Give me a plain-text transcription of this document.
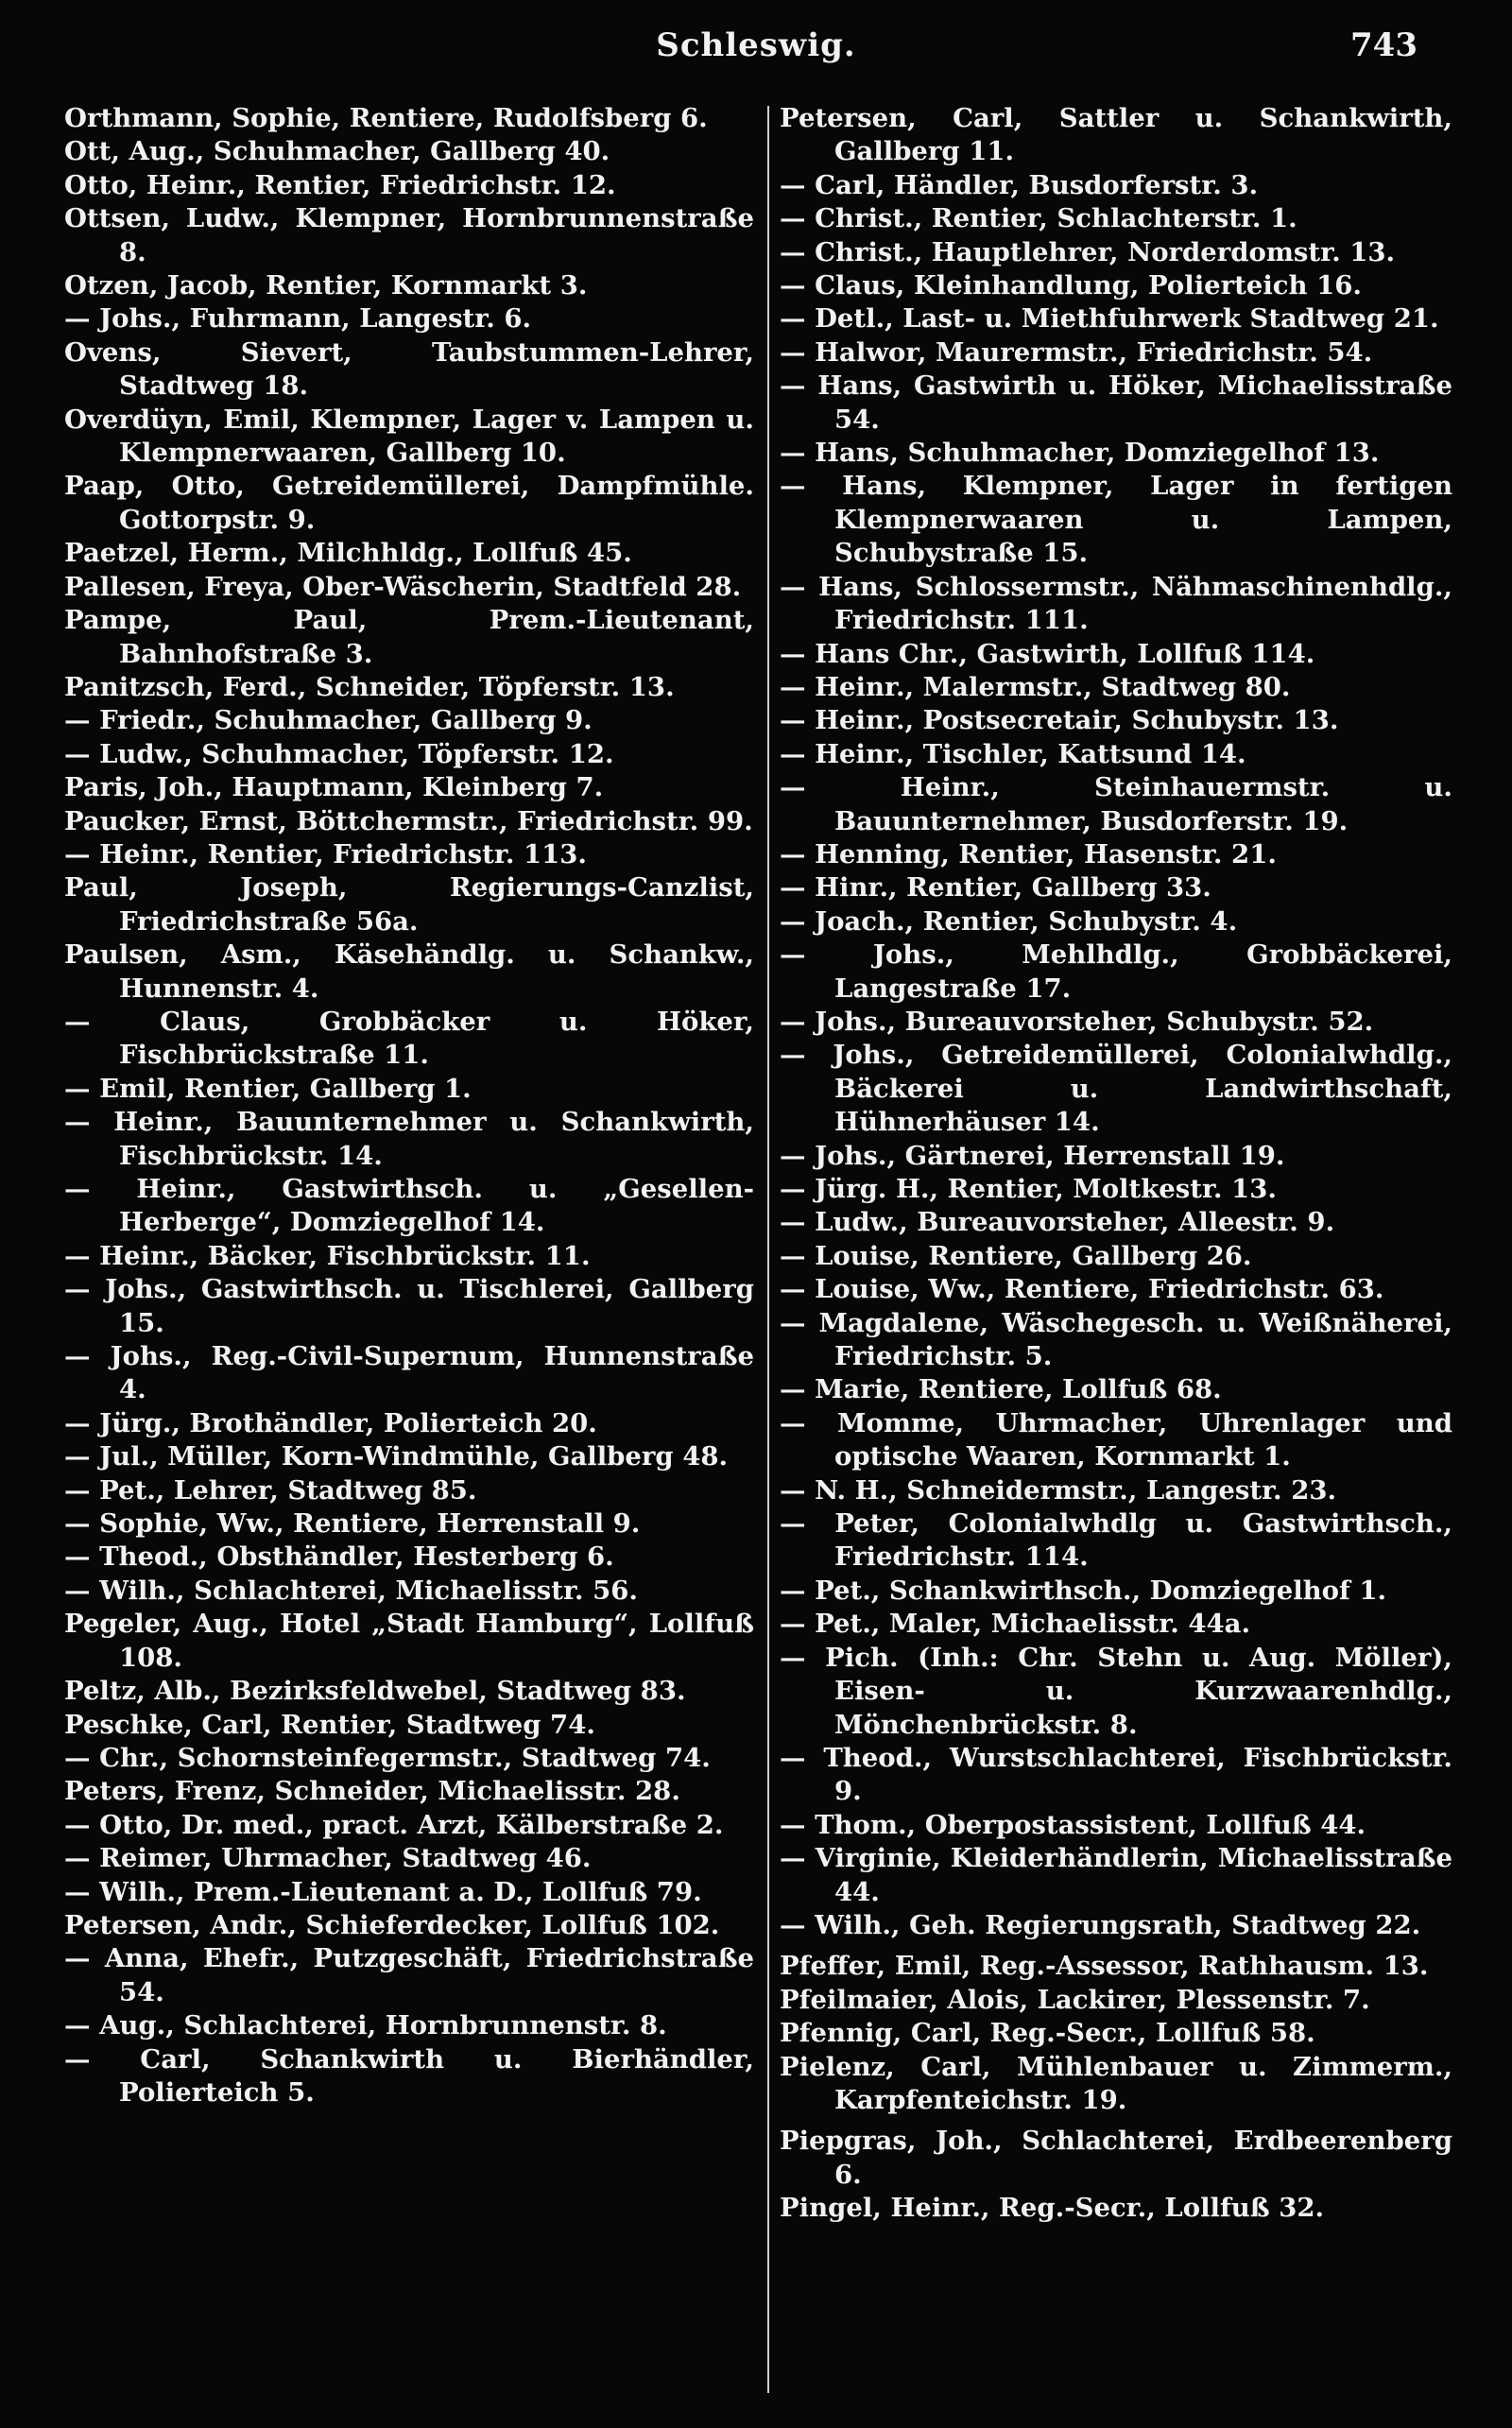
Schleswig.	743
Orthmann, Sophie, Rentiere, Rudolfsberg 6.
Ott, Aug., Schuhmacher, Gallberg 40.
Otto, Heinr., Rentier, Friedrichstr. 12.
Ottsen, Ludw., Klempner, Hornbrunnenstraße 8.
Otzen, Jacob, Rentier, Kornmarkt 3.
— Johs., Fuhrmann, Langestr. 6.
Ovens, Sievert, Taubstummen-Lehrer, Stadtweg 18.
Overdüyn, Emil, Klempner, Lager v. Lampen u. Klempnerwaaren, Gallberg 10.
Paap, Otto, Getreidemüllerei, Dampfmühle. Gottorpstr. 9.
Paetzel, Herm., Milchhldg., Lollfuß 45.
Pallesen, Freya, Ober-Wäscherin, Stadtfeld 28.
Pampe, Paul, Prem.-Lieutenant, Bahnhofstraße 3.
Panitzsch, Ferd., Schneider, Töpferstr. 13.
— Friedr., Schuhmacher, Gallberg 9.
— Ludw., Schuhmacher, Töpferstr. 12.
Paris, Joh., Hauptmann, Kleinberg 7.
Paucker, Ernst, Böttchermstr., Friedrichstr. 99.
— Heinr., Rentier, Friedrichstr. 113.
Paul, Joseph, Regierungs-Canzlist, Friedrichstraße 56a.
Paulsen, Asm., Käsehändlg. u. Schankw., Hunnenstr. 4.
— Claus, Grobbäcker u. Höker, Fischbrückstraße 11.
— Emil, Rentier, Gallberg 1.
— Heinr., Bauunternehmer u. Schankwirth, Fischbrückstr. 14.
— Heinr., Gastwirthsch. u. „Gesellen-Herberge“, Domziegelhof 14.
— Heinr., Bäcker, Fischbrückstr. 11.
— Johs., Gastwirthsch. u. Tischlerei, Gallberg 15.
— Johs., Reg.-Civil-Supernum, Hunnenstraße 4.
— Jürg., Brothändler, Polierteich 20.
— Jul., Müller, Korn-Windmühle, Gallberg 48.
— Pet., Lehrer, Stadtweg 85.
— Sophie, Ww., Rentiere, Herrenstall 9.
— Theod., Obsthändler, Hesterberg 6.
— Wilh., Schlachterei, Michaelisstr. 56.
Pegeler, Aug., Hotel „Stadt Hamburg“, Lollfuß 108.
Peltz, Alb., Bezirksfeldwebel, Stadtweg 83.
Peschke, Carl, Rentier, Stadtweg 74.
— Chr., Schornsteinfegermstr., Stadtweg 74.
Peters, Frenz, Schneider, Michaelisstr. 28.
— Otto, Dr. med., pract. Arzt, Kälberstraße 2.
— Reimer, Uhrmacher, Stadtweg 46.
— Wilh., Prem.-Lieutenant a. D., Lollfuß 79.
Petersen, Andr., Schieferdecker, Lollfuß 102.
— Anna, Ehefr., Putzgeschäft, Friedrichstraße 54.
— Aug., Schlachterei, Hornbrunnenstr. 8.
— Carl, Schankwirth u. Bierhändler, Polierteich 5.
Petersen, Carl, Sattler u. Schankwirth, Gallberg 11.
— Carl, Händler, Busdorferstr. 3.
— Christ., Rentier, Schlachterstr. 1.
— Christ., Hauptlehrer, Norderdomstr. 13.
— Claus, Kleinhandlung, Polierteich 16.
— Detl., Last- u. Miethfuhrwerk Stadtweg 21.
— Halwor, Maurermstr., Friedrichstr. 54.
— Hans, Gastwirth u. Höker, Michaelisstraße 54.
— Hans, Schuhmacher, Domziegelhof 13.
— Hans, Klempner, Lager in fertigen Klempnerwaaren u. Lampen, Schubystraße 15.
— Hans, Schlossermstr., Nähmaschinenhdlg., Friedrichstr. 111.
— Hans Chr., Gastwirth, Lollfuß 114.
— Heinr., Malermstr., Stadtweg 80.
— Heinr., Postsecretair, Schubystr. 13.
— Heinr., Tischler, Kattsund 14.
— Heinr., Steinhauermstr. u. Bauunternehmer, Busdorferstr. 19.
— Henning, Rentier, Hasenstr. 21.
— Hinr., Rentier, Gallberg 33.
— Joach., Rentier, Schubystr. 4.
— Johs., Mehlhdlg., Grobbäckerei, Langestraße 17.
— Johs., Bureauvorsteher, Schubystr. 52.
— Johs., Getreidemüllerei, Colonialwhdlg., Bäckerei u. Landwirthschaft, Hühnerhäuser 14.
— Johs., Gärtnerei, Herrenstall 19.
— Jürg. H., Rentier, Moltkestr. 13.
— Ludw., Bureauvorsteher, Alleestr. 9.
— Louise, Rentiere, Gallberg 26.
— Louise, Ww., Rentiere, Friedrichstr. 63.
— Magdalene, Wäschegesch. u. Weißnäherei, Friedrichstr. 5.
— Marie, Rentiere, Lollfuß 68.
— Momme, Uhrmacher, Uhrenlager und optische Waaren, Kornmarkt 1.
— N. H., Schneidermstr., Langestr. 23.
— Peter, Colonialwhdlg u. Gastwirthsch., Friedrichstr. 114.
— Pet., Schankwirthsch., Domziegelhof 1.
— Pet., Maler, Michaelisstr. 44a.
— Pich. (Inh.: Chr. Stehn u. Aug. Möller), Eisen- u. Kurzwaarenhdlg., Mönchenbrückstr. 8.
— Theod., Wurstschlachterei, Fischbrückstr. 9.
— Thom., Oberpostassistent, Lollfuß 44.
— Virginie, Kleiderhändlerin, Michaelisstraße 44.
— Wilh., Geh. Regierungsrath, Stadtweg 22.
Pfeffer, Emil, Reg.-Assessor, Rathhausm. 13.
Pfeilmaier, Alois, Lackirer, Plessenstr. 7.
Pfennig, Carl, Reg.-Secr., Lollfuß 58.
Pielenz, Carl, Mühlenbauer u. Zimmerm., Karpfenteichstr. 19.
Piepgras, Joh., Schlachterei, Erdbeerenberg 6.
Pingel, Heinr., Reg.-Secr., Lollfuß 32.
